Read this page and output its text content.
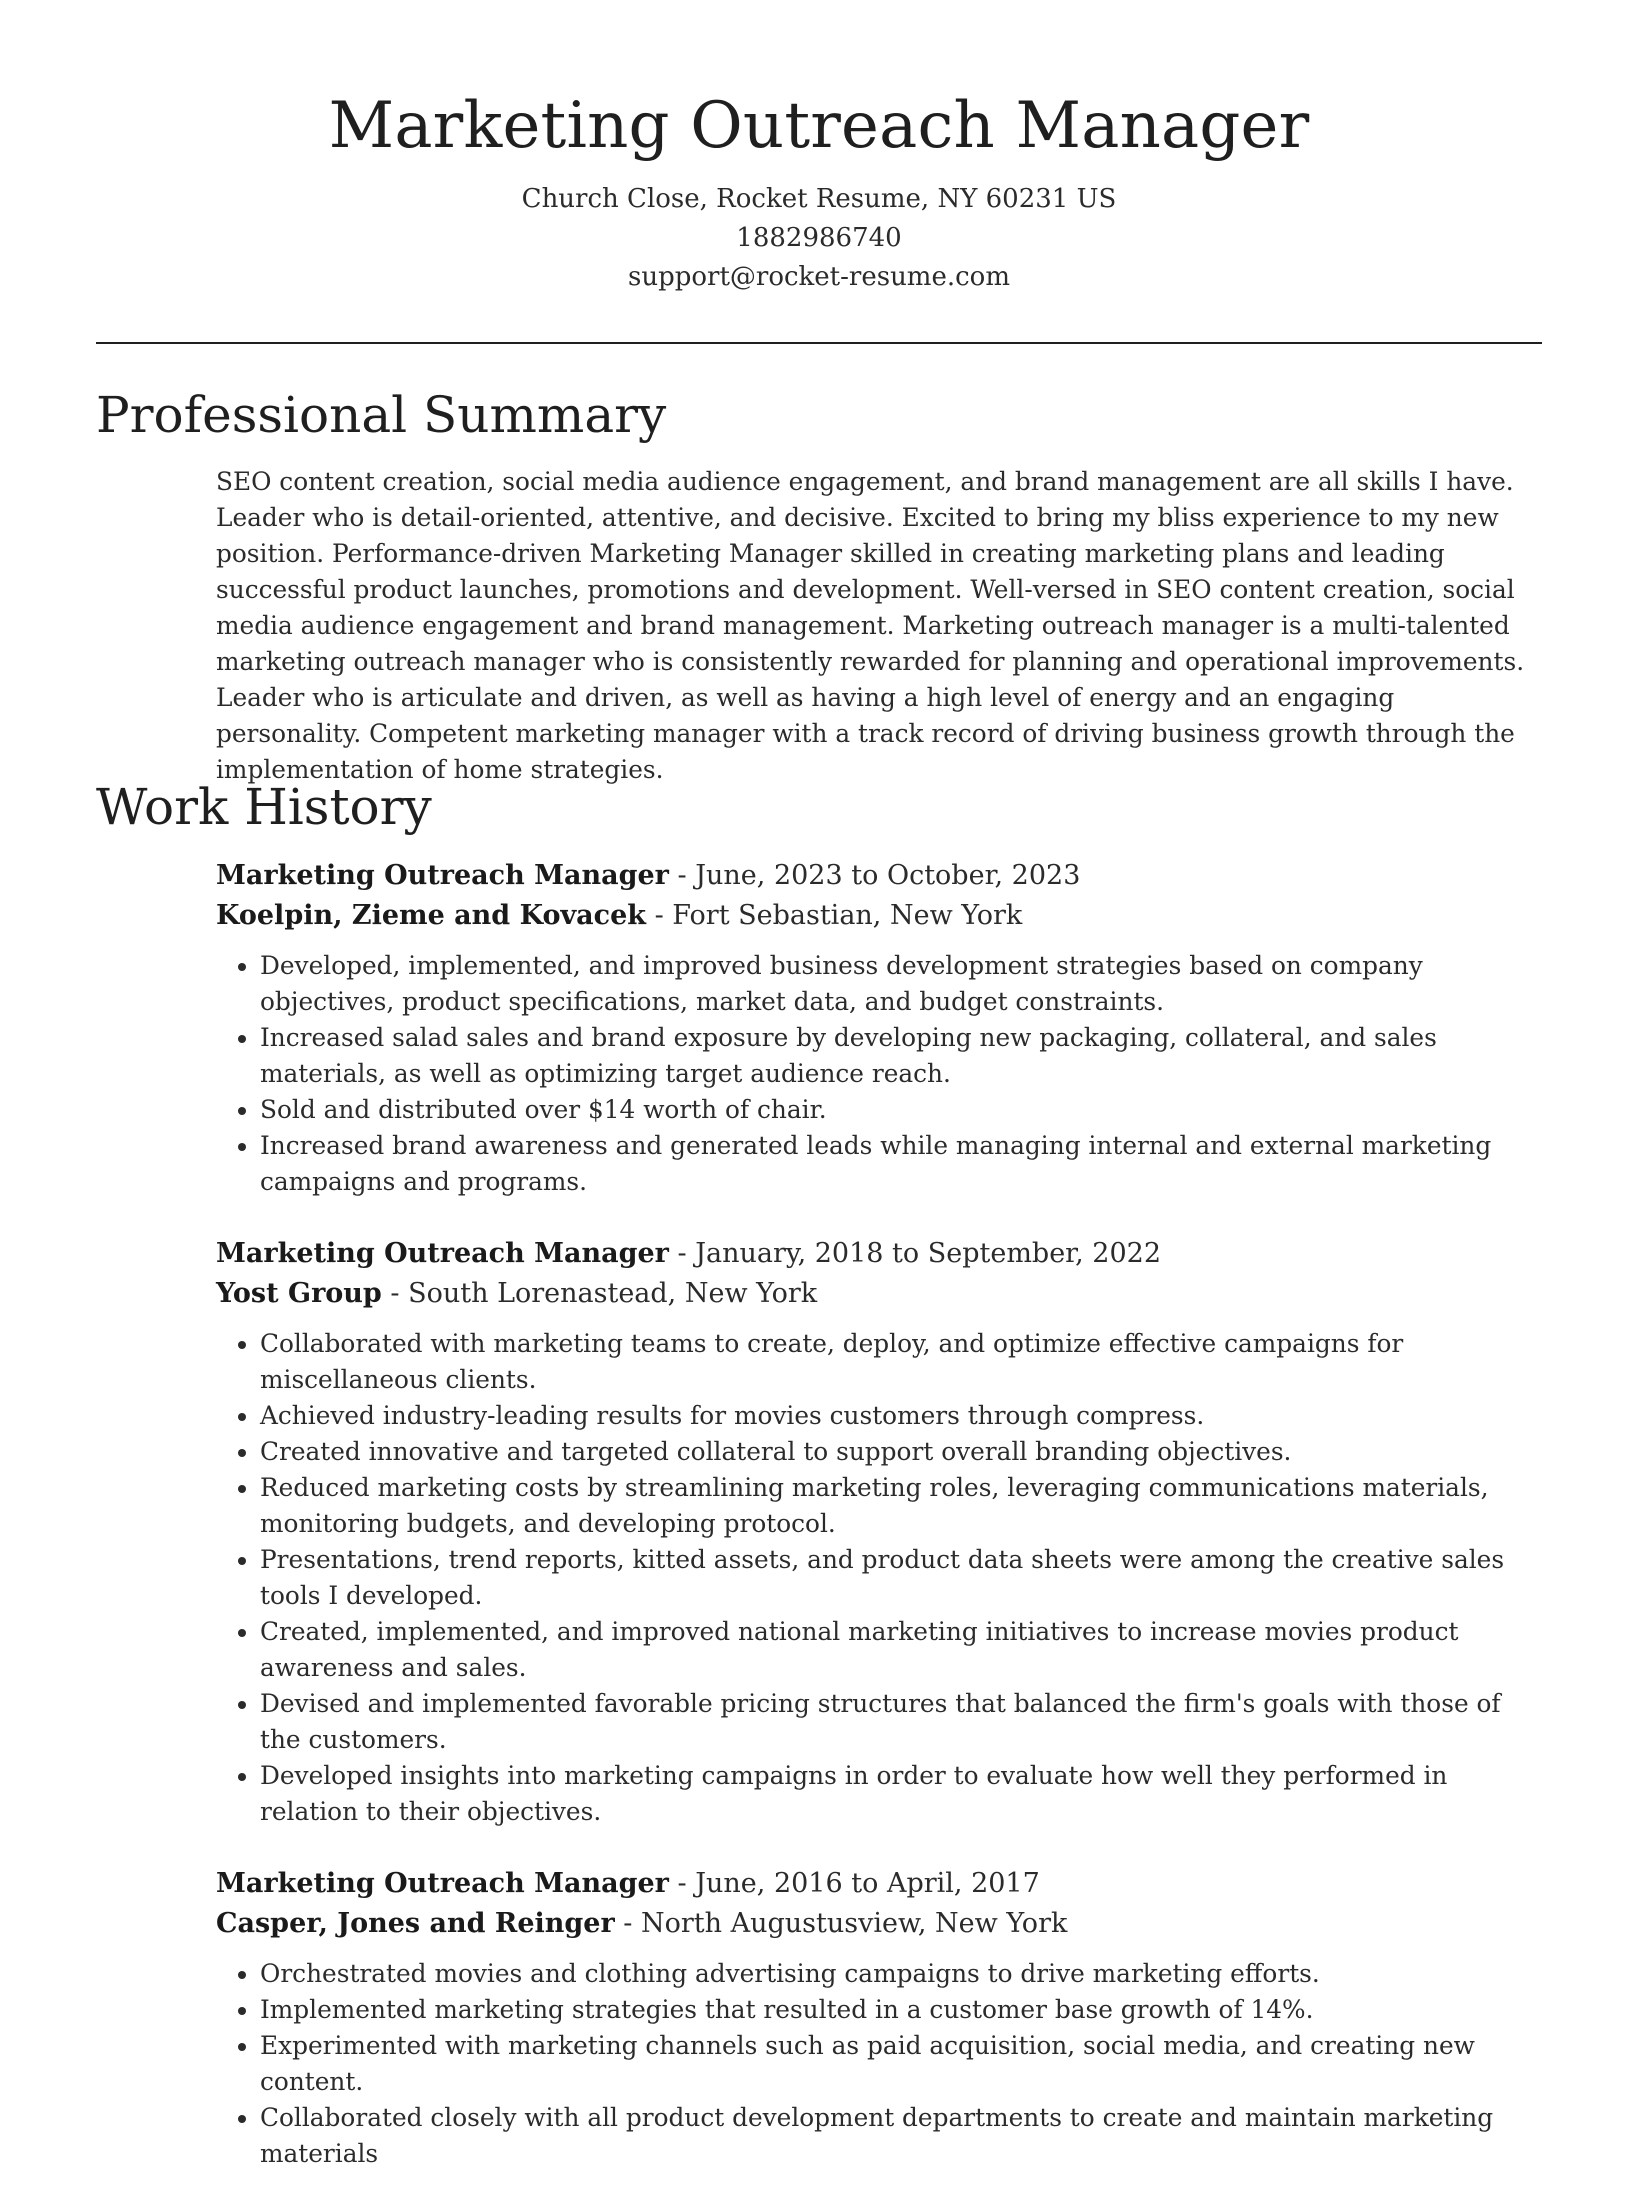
Marketing Outreach Manager
Church Close, Rocket Resume, NY 60231 US
1882986740
support@rocket-resume.com
Professional Summary

SEO content creation, social media audience engagement, and brand management are all skills I have. Leader who is detail-oriented, attentive, and decisive. Excited to bring my bliss experience to my new position. Performance-driven Marketing Manager skilled in creating marketing plans and leading successful product launches, promotions and development. Well-versed in SEO content creation, social media audience engagement and brand management. Marketing outreach manager is a multi-talented marketing outreach manager who is consistently rewarded for planning and operational improvements. Leader who is articulate and driven, as well as having a high level of energy and an engaging personality. Competent marketing manager with a track record of driving business growth through the implementation of home strategies.

Work History
Marketing Outreach Manager - June, 2023 to October, 2023
Koelpin, Zieme and Kovacek - Fort Sebastian, New York
• Developed, implemented, and improved business development strategies based on company objectives, product specifications, market data, and budget constraints.
• Increased salad sales and brand exposure by developing new packaging, collateral, and sales materials, as well as optimizing target audience reach.
• Sold and distributed over $14 worth of chair.
• Increased brand awareness and generated leads while managing internal and external marketing campaigns and programs.
Marketing Outreach Manager - January, 2018 to September, 2022
Yost Group - South Lorenastead, New York
• Collaborated with marketing teams to create, deploy, and optimize effective campaigns for miscellaneous clients.
• Achieved industry-leading results for movies customers through compress.
• Created innovative and targeted collateral to support overall branding objectives.
• Reduced marketing costs by streamlining marketing roles, leveraging communications materials, monitoring budgets, and developing protocol.
• Presentations, trend reports, kitted assets, and product data sheets were among the creative sales tools I developed.
• Created, implemented, and improved national marketing initiatives to increase movies product awareness and sales.
• Devised and implemented favorable pricing structures that balanced the firm's goals with those of the customers.
• Developed insights into marketing campaigns in order to evaluate how well they performed in relation to their objectives.
Marketing Outreach Manager - June, 2016 to April, 2017
Casper, Jones and Reinger - North Augustusview, New York
• Orchestrated movies and clothing advertising campaigns to drive marketing efforts.
• Implemented marketing strategies that resulted in a customer base growth of 14%.
• Experimented with marketing channels such as paid acquisition, social media, and creating new content.
• Collaborated closely with all product development departments to create and maintain marketing materials
